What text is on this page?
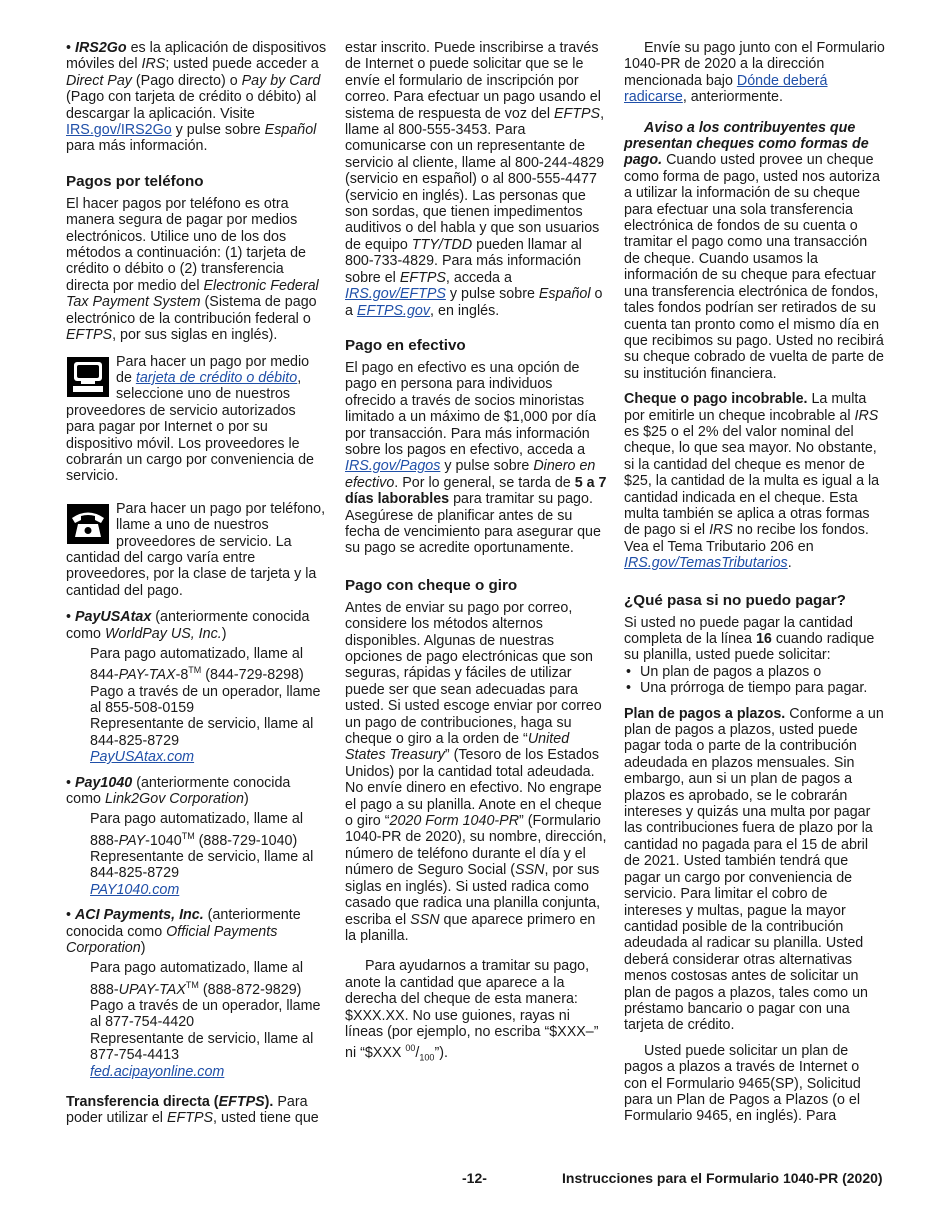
• IRS2Go es la aplicación de dispositivos móviles del IRS; usted puede acceder a Direct Pay (Pago directo) o Pay by Card (Pago con tarjeta de crédito o débito) al descargar la aplicación. Visite IRS.gov/IRS2Go y pulse sobre Español para más información.

Pagos por teléfono

El hacer pagos por teléfono es otra manera segura de pagar por medios electrónicos. Utilice uno de los dos métodos a continuación: (1) tarjeta de crédito o débito o (2) transferencia directa por medio del Electronic Federal Tax Payment System (Sistema de pago electrónico de la contribución federal o EFTPS, por sus siglas en inglés).

Para hacer un pago por medio de tarjeta de crédito o débito, seleccione uno de nuestros proveedores de servicio autorizados para pagar por Internet o por su dispositivo móvil. Los proveedores le cobrarán un cargo por conveniencia de servicio.
Para hacer un pago por teléfono, llame a uno de nuestros proveedores de servicio. La cantidad del cargo varía entre proveedores, por la clase de tarjeta y la cantidad del pago.

• PayUSAtax (anteriormente conocida como WorldPay US, Inc.)

Para pago automatizado, llame al
844-PAY-TAX-8™ (844-729-8298)
Pago a través de un operador, llame al 855-508-0159
Representante de servicio, llame al 844-825-8729
PayUSAtax.com

• Pay1040 (anteriormente conocida como Link2Gov Corporation)

Para pago automatizado, llame al
888-PAY-1040™ (888-729-1040)
Representante de servicio, llame al 844-825-8729
PAY1040.com

• ACI Payments, Inc. (anteriormente conocida como Official Payments Corporation)

Para pago automatizado, llame al
888-UPAY-TAX™ (888-872-9829)
Pago a través de un operador, llame al 877-754-4420
Representante de servicio, llame al 877-754-4413
fed.acipayonline.com

Transferencia directa (EFTPS). Para poder utilizar el EFTPS, usted tiene que

estar inscrito. Puede inscribirse a través de Internet o puede solicitar que se le envíe el formulario de inscripción por correo. Para efectuar un pago usando el sistema de respuesta de voz del EFTPS, llame al 800-555-3453. Para comunicarse con un representante de servicio al cliente, llame al 800-244-4829 (servicio en español) o al 800-555-4477 (servicio en inglés). Las personas que son sordas, que tienen impedimentos auditivos o del habla y que son usuarios de equipo TTY/TDD pueden llamar al 800-733-4829. Para más información sobre el EFTPS, acceda a IRS.gov/EFTPS y pulse sobre Español o a EFTPS.gov, en inglés.

Pago en efectivo

El pago en efectivo es una opción de pago en persona para individuos ofrecido a través de socios minoristas limitado a un máximo de $1,000 por día por transacción. Para más información sobre los pagos en efectivo, acceda a IRS.gov/Pagos y pulse sobre Dinero en efectivo. Por lo general, se tarda de 5 a 7 días laborables para tramitar su pago. Asegúrese de planificar antes de su fecha de vencimiento para asegurar que su pago se acredite oportunamente.

Pago con cheque o giro

Antes de enviar su pago por correo, considere los métodos alternos disponibles. Algunas de nuestras opciones de pago electrónicas que son seguras, rápidas y fáciles de utilizar puede ser que sean adecuadas para usted. Si usted escoge enviar por correo un pago de contribuciones, haga su cheque o giro a la orden de “United States Treasury” (Tesoro de los Estados Unidos) por la cantidad total adeudada. No envíe dinero en efectivo. No engrape el pago a su planilla. Anote en el cheque o giro “2020 Form 1040-PR” (Formulario 1040-PR de 2020), su nombre, dirección, número de teléfono durante el día y el número de Seguro Social (SSN, por sus siglas en inglés). Si usted radica como casado que radica una planilla conjunta, escriba el SSN que aparece primero en la planilla.

Para ayudarnos a tramitar su pago, anote la cantidad que aparece a la derecha del cheque de esta manera: $XXX.XX. No use guiones, rayas ni líneas (por ejemplo, no escriba “$XXX–” ni “$XXX $^{00}/_{100}$”).

Envíe su pago junto con el Formulario 1040-PR de 2020 a la dirección mencionada bajo Dónde deberá radicarse, anteriormente.

Aviso a los contribuyentes que presentan cheques como formas de pago. Cuando usted provee un cheque como forma de pago, usted nos autoriza a utilizar la información de su cheque para efectuar una sola transferencia electrónica de fondos de su cuenta o tramitar el pago como una transacción de cheque. Cuando usamos la información de su cheque para efectuar una transferencia electrónica de fondos, tales fondos podrían ser retirados de su cuenta tan pronto como el mismo día en que recibimos su pago. Usted no recibirá su cheque cobrado de vuelta de parte de su institución financiera.

Cheque o pago incobrable. La multa por emitirle un cheque incobrable al IRS es $25 o el 2% del valor nominal del cheque, lo que sea mayor. No obstante, si la cantidad del cheque es menor de $25, la cantidad de la multa es igual a la cantidad indicada en el cheque. Esta multa también se aplica a otras formas de pago si el IRS no recibe los fondos. Vea el Tema Tributario 206 en IRS.gov/TemasTributarios.

¿Qué pasa si no puedo pagar?

Si usted no puede pagar la cantidad completa de la línea 16 cuando radique su planilla, usted puede solicitar:

• Un plan de pagos a plazos o
• Una prórroga de tiempo para pagar.

Plan de pagos a plazos. Conforme a un plan de pagos a plazos, usted puede pagar toda o parte de la contribución adeudada en plazos mensuales. Sin embargo, aun si un plan de pagos a plazos es aprobado, se le cobrarán intereses y quizás una multa por pagar las contribuciones fuera de plazo por la cantidad no pagada para el 15 de abril de 2021. Usted también tendrá que pagar un cargo por conveniencia de servicio. Para limitar el cobro de intereses y multas, pague la mayor cantidad posible de la contribución adeudada al radicar su planilla. Usted deberá considerar otras alternativas menos costosas antes de solicitar un plan de pagos a plazos, tales como un préstamo bancario o pagar con una tarjeta de crédito.

Usted puede solicitar un plan de pagos a plazos a través de Internet o con el Formulario 9465(SP), Solicitud para un Plan de Pagos a Plazos (o el Formulario 9465, en inglés). Para

-12-	Instrucciones para el Formulario 1040-PR (2020)
